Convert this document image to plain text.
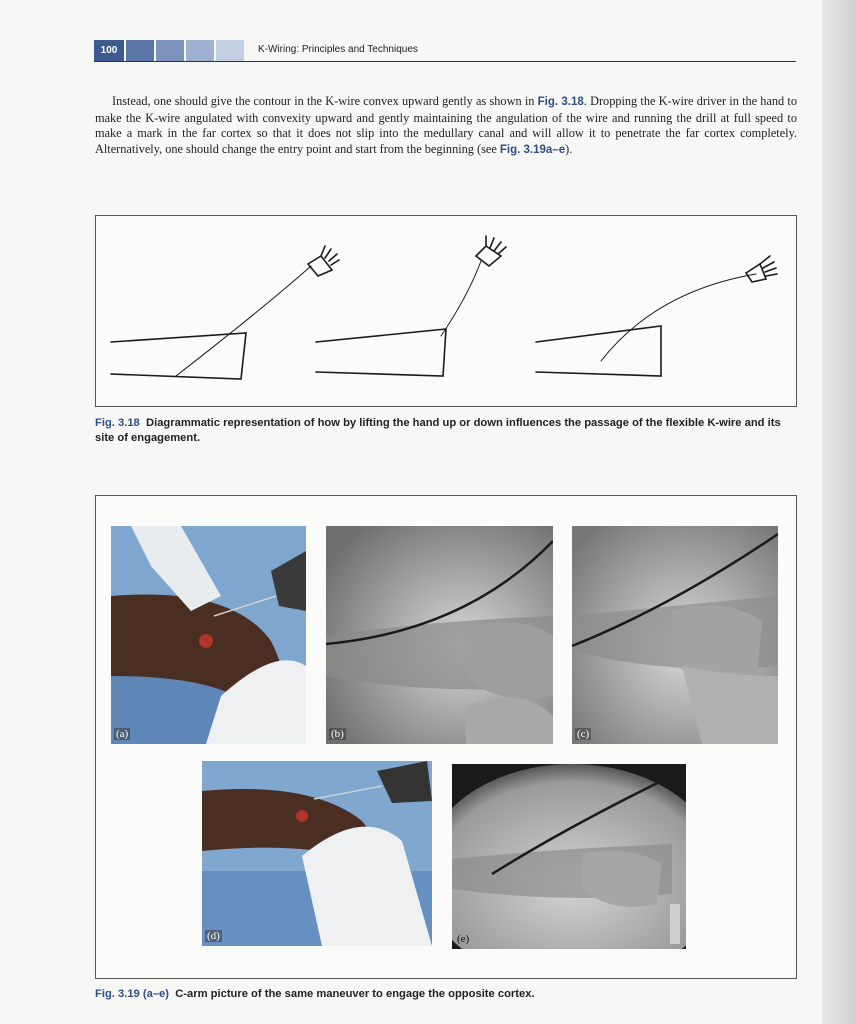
100	K-Wiring: Principles and Techniques
Instead, one should give the contour in the K-wire convex upward gently as shown in Fig. 3.18. Dropping the K-wire driver in the hand to make the K-wire angulated with convexity upward and gently maintaining the angulation of the wire and running the drill at full speed to make a mark in the far cortex so that it does not slip into the medullary canal and will allow it to penetrate the far cortex completely. Alternatively, one should change the entry point and start from the beginning (see Fig. 3.19a–e).
Fig. 3.18 Diagrammatic representation of how by lifting the hand up or down influences the passage of the flexible K-wire and its site of engagement.
(a)	(b)	(c)
(d)	(e)
Fig. 3.19 (a–e) C-arm picture of the same maneuver to engage the opposite cortex.
